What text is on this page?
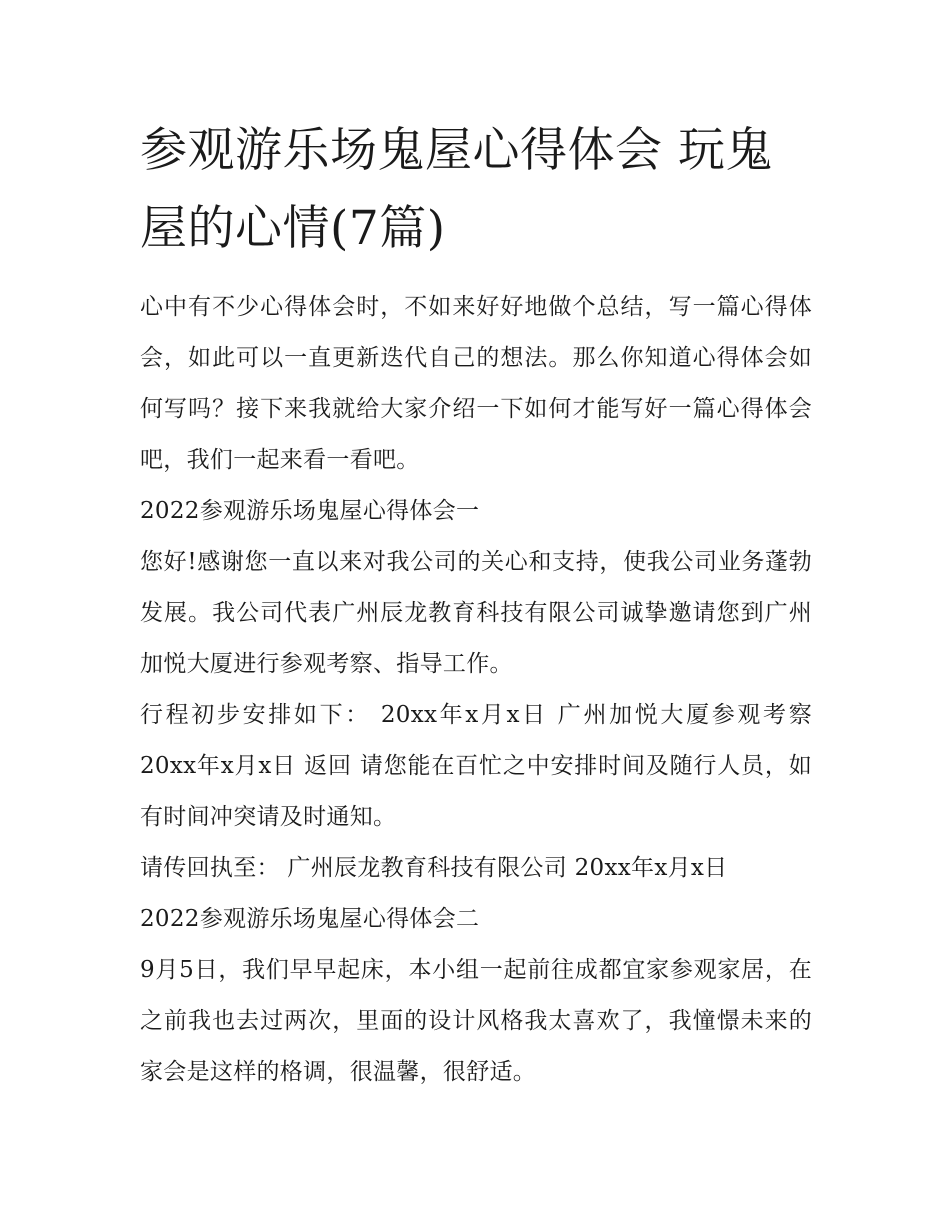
参观游乐场鬼屋心得体会 玩鬼屋的心情(7篇)

心中有不少心得体会时，不如来好好地做个总结，写一篇心得体会，如此可以一直更新迭代自己的想法。那么你知道心得体会如何写吗？接下来我就给大家介绍一下如何才能写好一篇心得体会吧，我们一起来看一看吧。

2022参观游乐场鬼屋心得体会一

您好!感谢您一直以来对我公司的关心和支持，使我公司业务蓬勃发展。我公司代表广州辰龙教育科技有限公司诚挚邀请您到广州加悦大厦进行参观考察、指导工作。

行程初步安排如下： 20xx年x月x日 广州加悦大厦参观考察 20xx年x月x日 返回 请您能在百忙之中安排时间及随行人员，如有时间冲突请及时通知。

请传回执至： 广州辰龙教育科技有限公司 20xx年x月x日

2022参观游乐场鬼屋心得体会二

9月5日，我们早早起床，本小组一起前往成都宜家参观家居，在之前我也去过两次，里面的设计风格我太喜欢了，我憧憬未来的家会是这样的格调，很温馨，很舒适。
